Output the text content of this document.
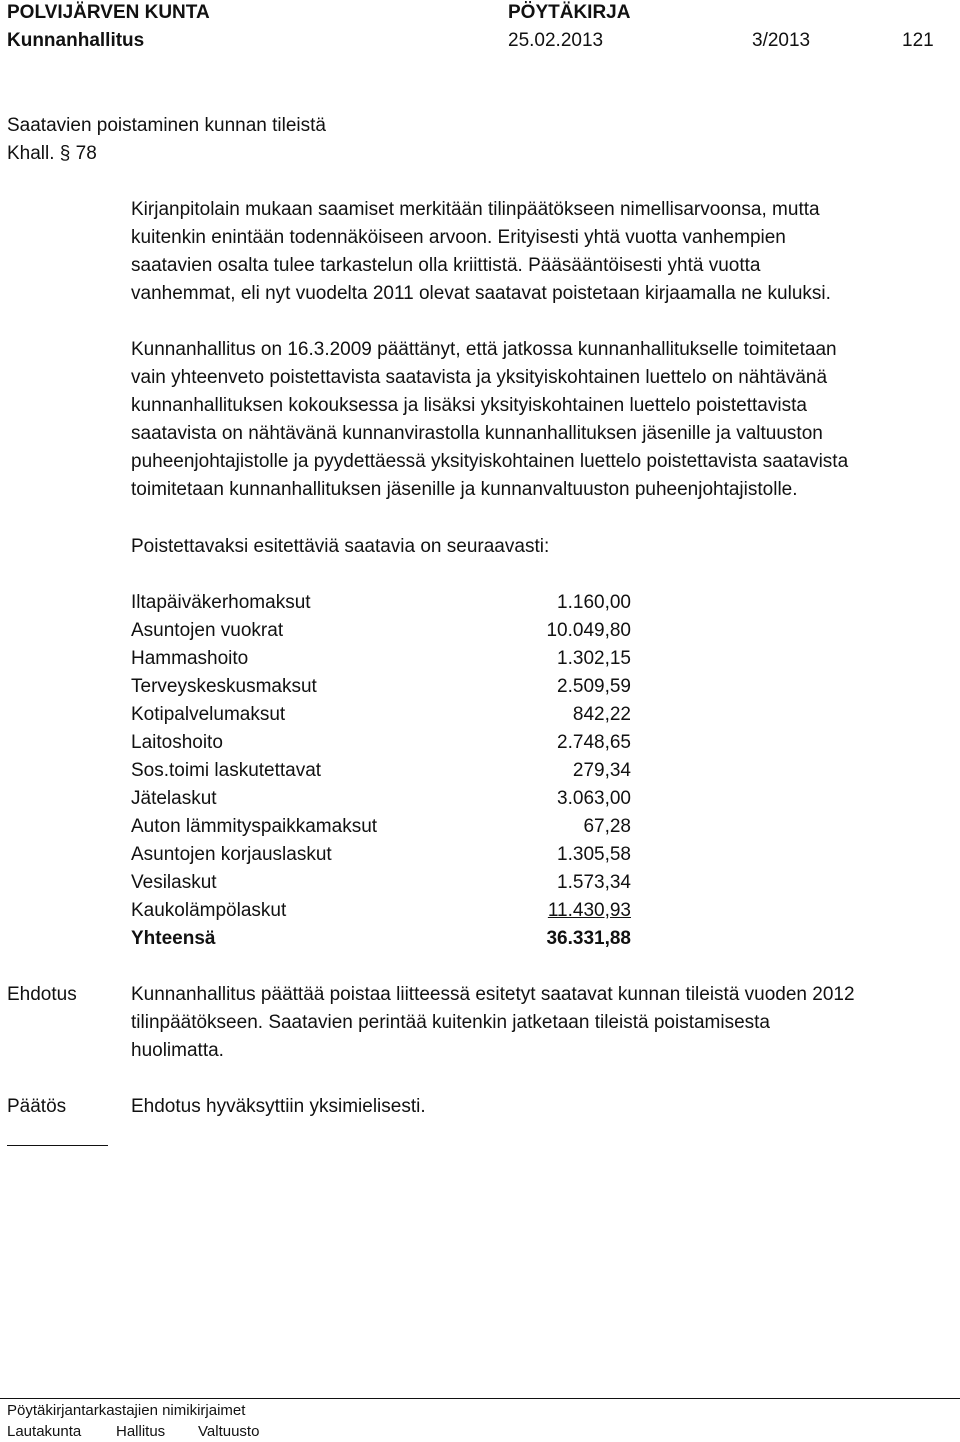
POLVIJÄRVEN KUNTA	PÖYTÄKIRJA
Kunnanhallitus	25.02.2013	3/2013	121
Saatavien poistaminen kunnan tileistä
Khall. § 78
Kirjanpitolain mukaan saamiset merkitään tilinpäätökseen nimellisarvoonsa, mutta
kuitenkin enintään todennäköiseen arvoon. Erityisesti yhtä vuotta vanhempien
saatavien osalta tulee tarkastelun olla kriittistä. Pääsääntöisesti yhtä vuotta
vanhemmat, eli nyt vuodelta 2011 olevat saatavat poistetaan kirjaamalla ne kuluksi.
Kunnanhallitus on 16.3.2009 päättänyt, että jatkossa kunnanhallitukselle toimitetaan
vain yhteenveto poistettavista saatavista ja yksityiskohtainen luettelo on nähtävänä
kunnanhallituksen kokouksessa ja lisäksi yksityiskohtainen luettelo poistettavista
saatavista on nähtävänä kunnanvirastolla kunnanhallituksen jäsenille ja valtuuston
puheenjohtajistolle ja pyydettäessä yksityiskohtainen luettelo poistettavista saatavista
toimitetaan kunnanhallituksen jäsenille ja kunnanvaltuuston puheenjohtajistolle.
Poistettavaksi esitettäviä saatavia on seuraavasti:
Iltapäiväkerhomaksut	1.160,00
Asuntojen vuokrat	10.049,80
Hammashoito	1.302,15
Terveyskeskusmaksut	2.509,59
Kotipalvelumaksut	842,22
Laitoshoito	2.748,65
Sos.toimi laskutettavat	279,34
Jätelaskut	3.063,00
Auton lämmityspaikkamaksut	67,28
Asuntojen korjauslaskut	1.305,58
Vesilaskut	1.573,34
Kaukolämpölaskut	11.430,93
Yhteensä	36.331,88
Ehdotus	Kunnanhallitus päättää poistaa liitteessä esitetyt saatavat kunnan tileistä vuoden 2012
tilinpäätökseen. Saatavien perintää kuitenkin jatketaan tileistä poistamisesta
huolimatta.
Päätös	Ehdotus hyväksyttiin yksimielisesti.
Pöytäkirjantarkastajien nimikirjaimet
Lautakunta Hallitus Valtuusto
